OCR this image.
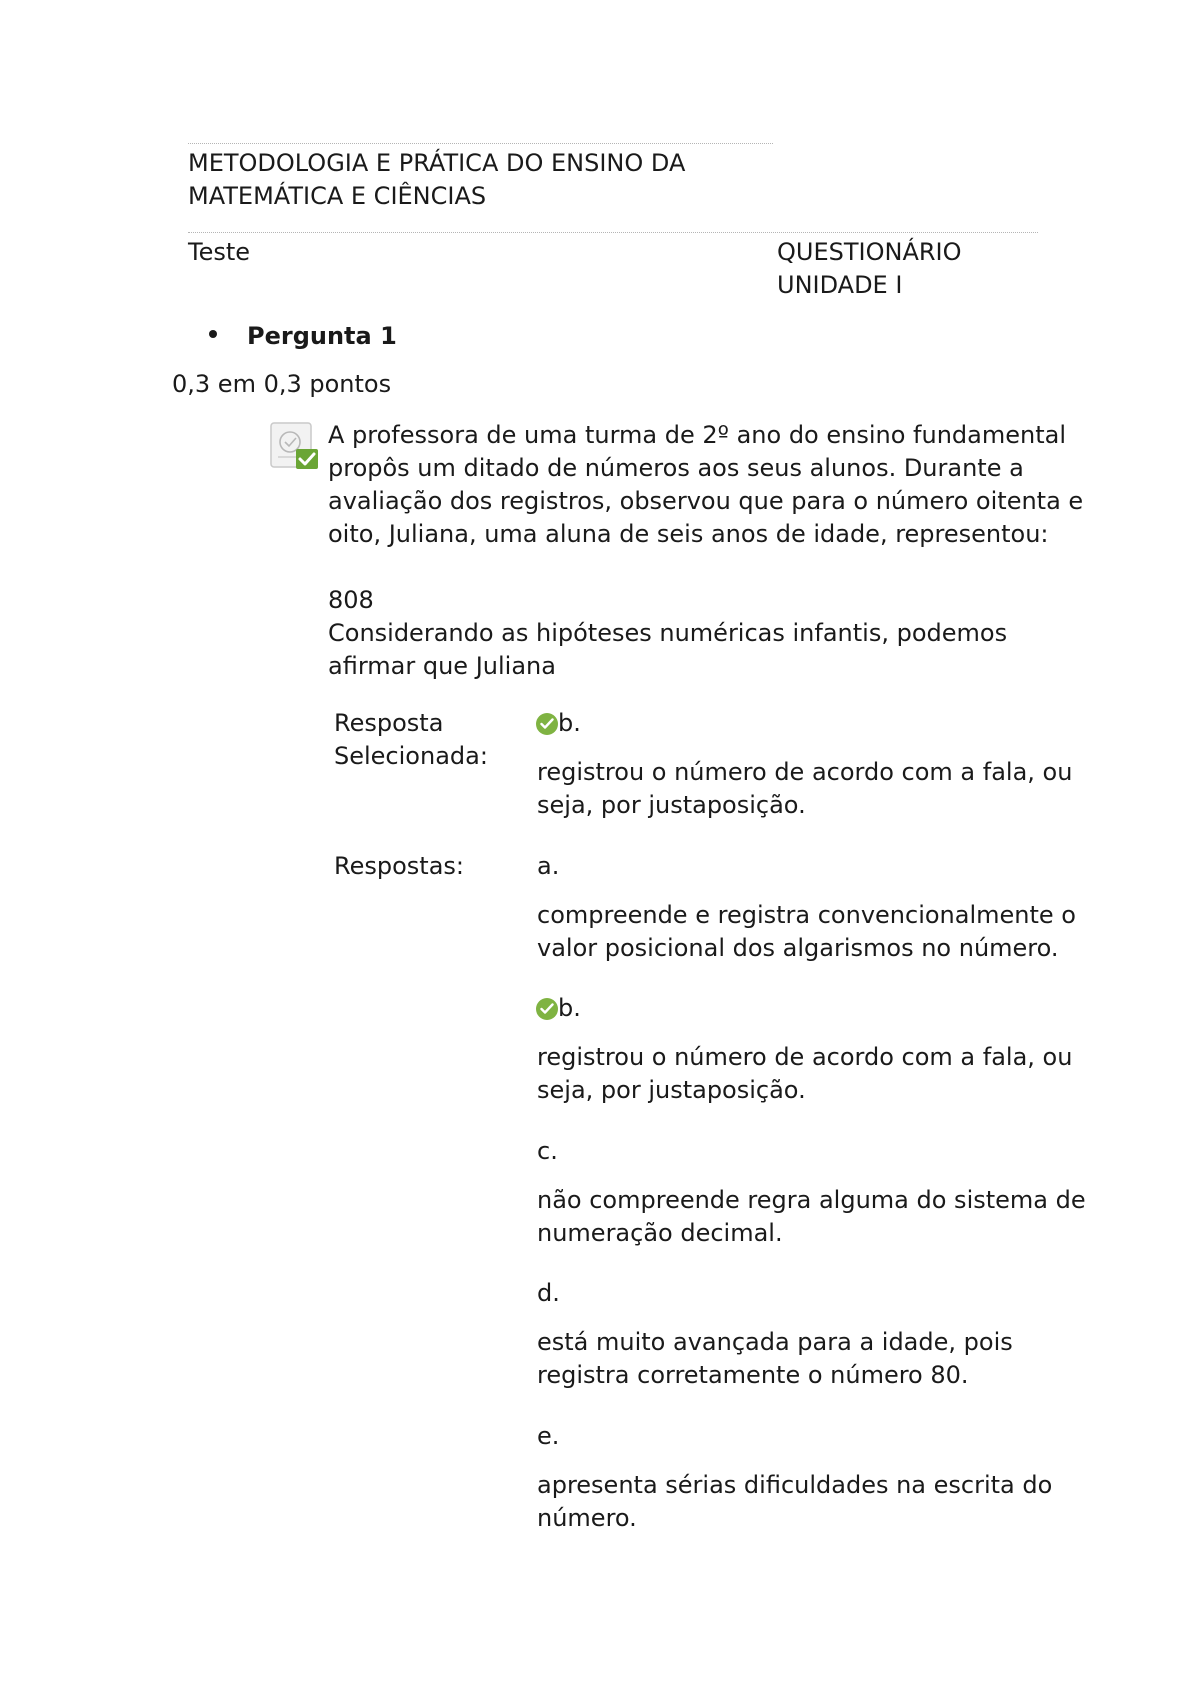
METODOLOGIA E PRÁTICA DO ENSINO DA
MATEMÁTICA E CIÊNCIAS
Teste	QUESTIONÁRIO
UNIDADE I
Pergunta 1
0,3 em 0,3 pontos
A professora de uma turma de 2º ano do ensino fundamental
propôs um ditado de números aos seus alunos. Durante a
avaliação dos registros, observou que para o número oitenta e
oito, Juliana, uma aluna de seis anos de idade, representou:
808
Considerando as hipóteses numéricas infantis, podemos
afirmar que Juliana
Resposta
Selecionada:
b.
registrou o número de acordo com a fala, ou
seja, por justaposição.
Respostas:	a.
compreende e registra convencionalmente o
valor posicional dos algarismos no número.
b.
registrou o número de acordo com a fala, ou
seja, por justaposição.
c.
não compreende regra alguma do sistema de
numeração decimal.
d.
está muito avançada para a idade, pois
registra corretamente o número 80.
e.
apresenta sérias dificuldades na escrita do
número.
